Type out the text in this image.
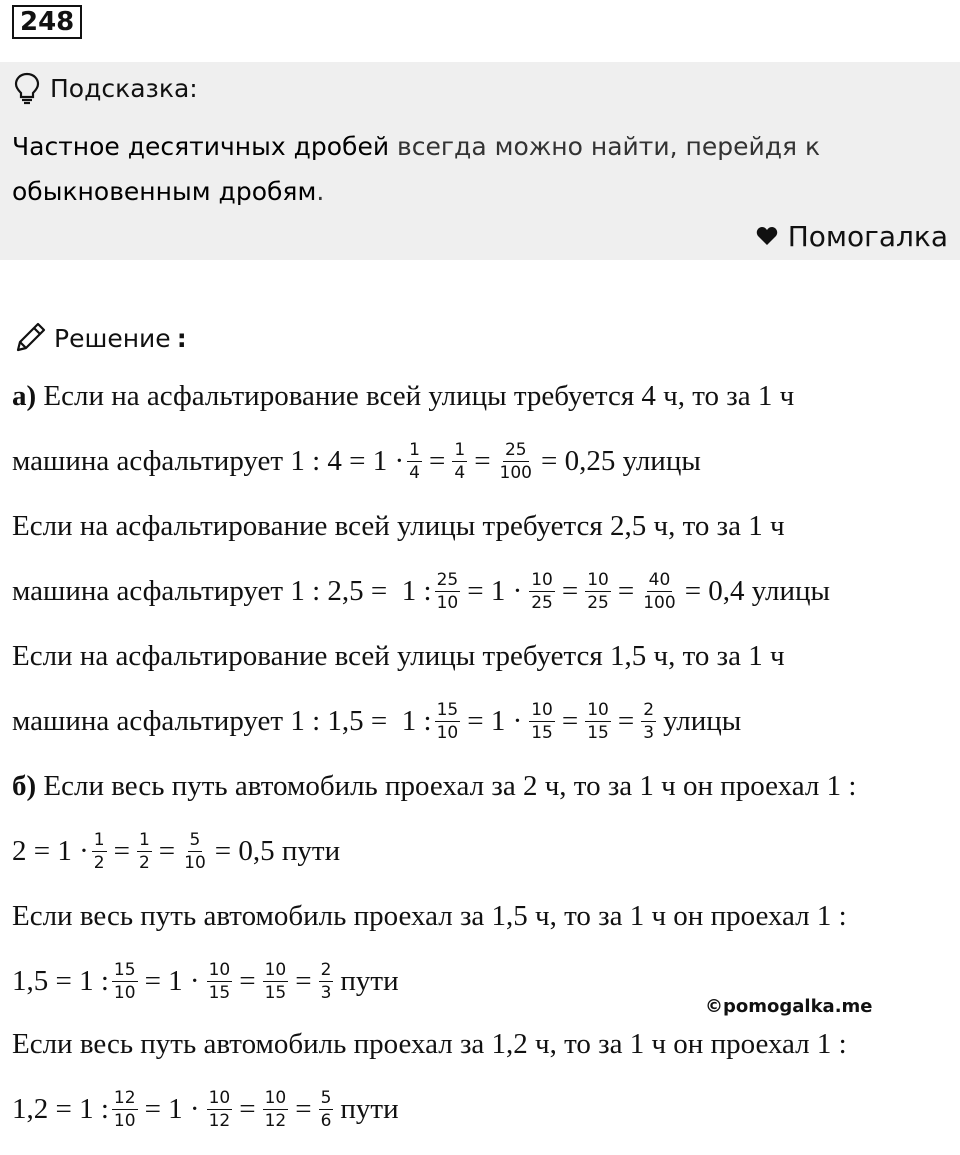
248
Подсказка:
Частное десятичных дробей всегда можно найти, перейдя к
обыкновенным дробям.
Помогалка
Решение :
а) Если на асфальтирование всей улицы требуется 4 ч, то за 1 ч
машина асфальтирует 1 : $4 = 1 \cdot \frac{1}{4} = \frac{1}{4} = \frac{25}{100} = 0,25$ улицы
Если на асфальтирование всей улицы требуется 2,5 ч, то за 1 ч
машина асфальтирует 1 : 2,5 =  1 : $\frac{25}{10} = 1 \cdot \frac{10}{25} = \frac{10}{25} = \frac{40}{100} = 0,4$ улицы
Если на асфальтирование всей улицы требуется 1,5 ч, то за 1 ч
машина асфальтирует 1 : 1,5 =  1 : $\frac{15}{10} = 1 \cdot \frac{10}{15} = \frac{10}{15} = \frac{2}{3}$ улицы
б) Если весь путь автомобиль проехал за 2 ч, то за 1 ч он проехал 1 :
$2 = 1 \cdot \frac{1}{2} = \frac{1}{2} = \frac{5}{10} = 0,5$ пути
Если весь путь автомобиль проехал за 1,5 ч, то за 1 ч он проехал 1 :
1,5 = 1 : $\frac{15}{10} = 1 \cdot \frac{10}{15} = \frac{10}{15} = \frac{2}{3}$ пути
©pomogalka.me
Если весь путь автомобиль проехал за 1,2 ч, то за 1 ч он проехал 1 :
1,2 = 1 : $\frac{12}{10} = 1 \cdot \frac{10}{12} = \frac{10}{12} = \frac{5}{6}$ пути
